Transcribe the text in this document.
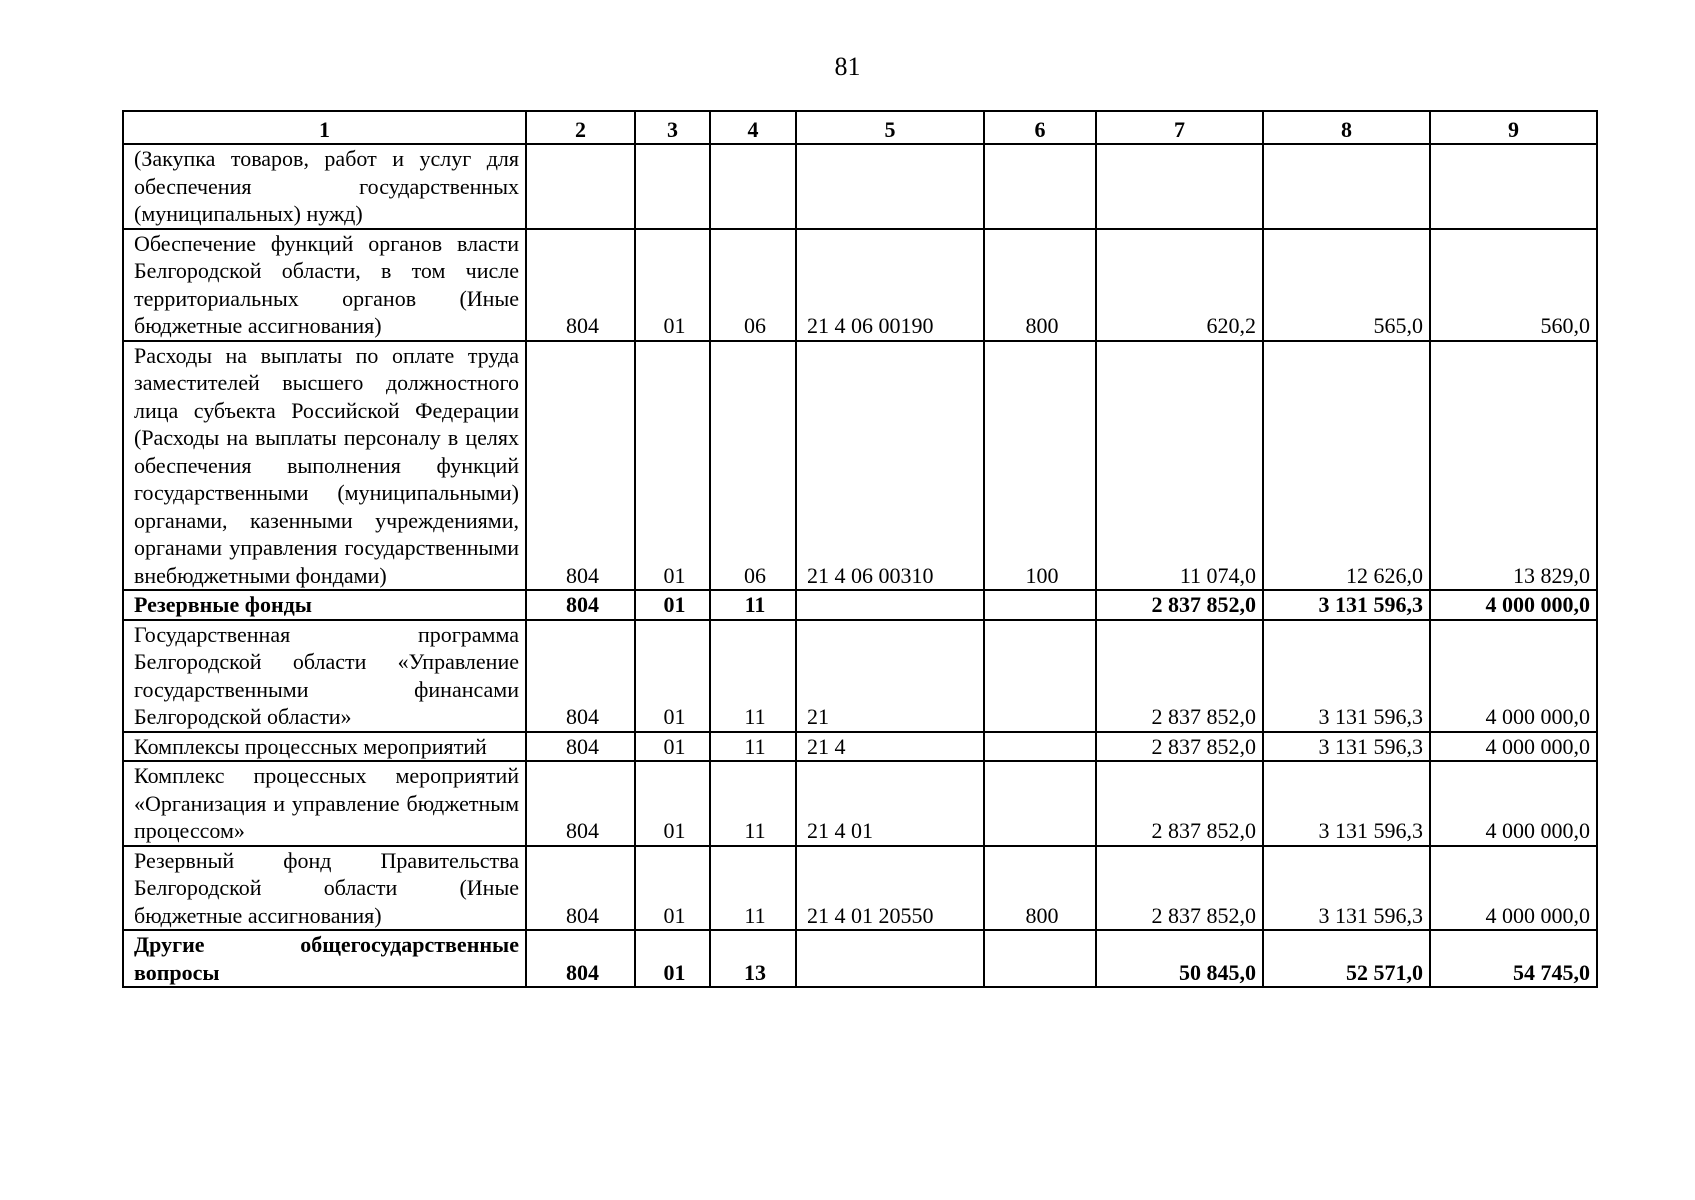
81
1	2	3	4	5	6	7	8	9
(Закупка товаров, работ и услуг для обеспечения государственных (муниципальных) нужд)								
Обеспечение функций органов власти Белгородской области, в том числе территориальных органов (Иные бюджетные ассигнования)	804	01	06	21 4 06 00190	800	620,2	565,0	560,0
Расходы на выплаты по оплате труда заместителей высшего должностного лица субъекта Российской Федерации (Расходы на выплаты персоналу в целях обеспечения выполнения функций государственными (муниципальными) органами, казенными учреждениями, органами управления государственными внебюджетными фондами)	804	01	06	21 4 06 00310	100	11 074,0	12 626,0	13 829,0
Резервные фонды	804	01	11			2 837 852,0	3 131 596,3	4 000 000,0
Государственная программа Белгородской области «Управление государственными финансами Белгородской области»	804	01	11	21		2 837 852,0	3 131 596,3	4 000 000,0
Комплексы процессных мероприятий	804	01	11	21 4		2 837 852,0	3 131 596,3	4 000 000,0
Комплекс процессных мероприятий «Организация и управление бюджетным процессом»	804	01	11	21 4 01		2 837 852,0	3 131 596,3	4 000 000,0
Резервный фонд Правительства Белгородской области (Иные бюджетные ассигнования)	804	01	11	21 4 01 20550	800	2 837 852,0	3 131 596,3	4 000 000,0
Другие общегосударственные вопросы	804	01	13			50 845,0	52 571,0	54 745,0
